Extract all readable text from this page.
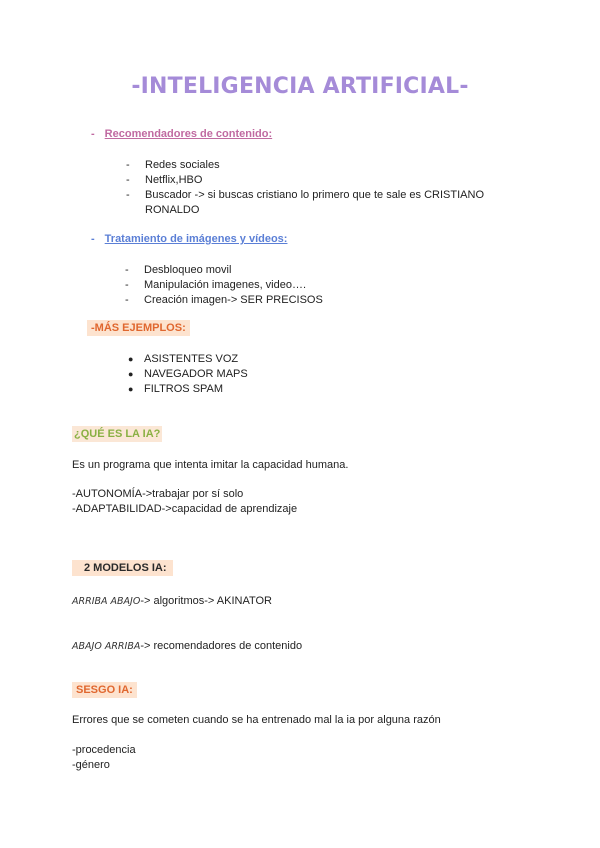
-INTELIGENCIA ARTIFICIAL-
- Recomendadores de contenido:
- Redes sociales
- Netflix,HBO
- Buscador -> si buscas cristiano lo primero que te sale es CRISTIANO
RONALDO
- Tratamiento de imágenes y vídeos:
- Desbloqueo movil
- Manipulación imagenes, video….
- Creación imagen-> SER PRECISOS
-MÁS EJEMPLOS:
● ASISTENTES VOZ
● NAVEGADOR MAPS
● FILTROS SPAM
¿QUÉ ES LA IA?
Es un programa que intenta imitar la capacidad humana.
-AUTONOMÍA->trabajar por sí solo
-ADAPTABILIDAD->capacidad de aprendizaje
2 MODELOS IA:
ARRIBA ABAJO-> algoritmos-> AKINATOR
ABAJO ARRIBA-> recomendadores de contenido
SESGO IA:
Errores que se cometen cuando se ha entrenado mal la ia por alguna razón
-procedencia
-género
